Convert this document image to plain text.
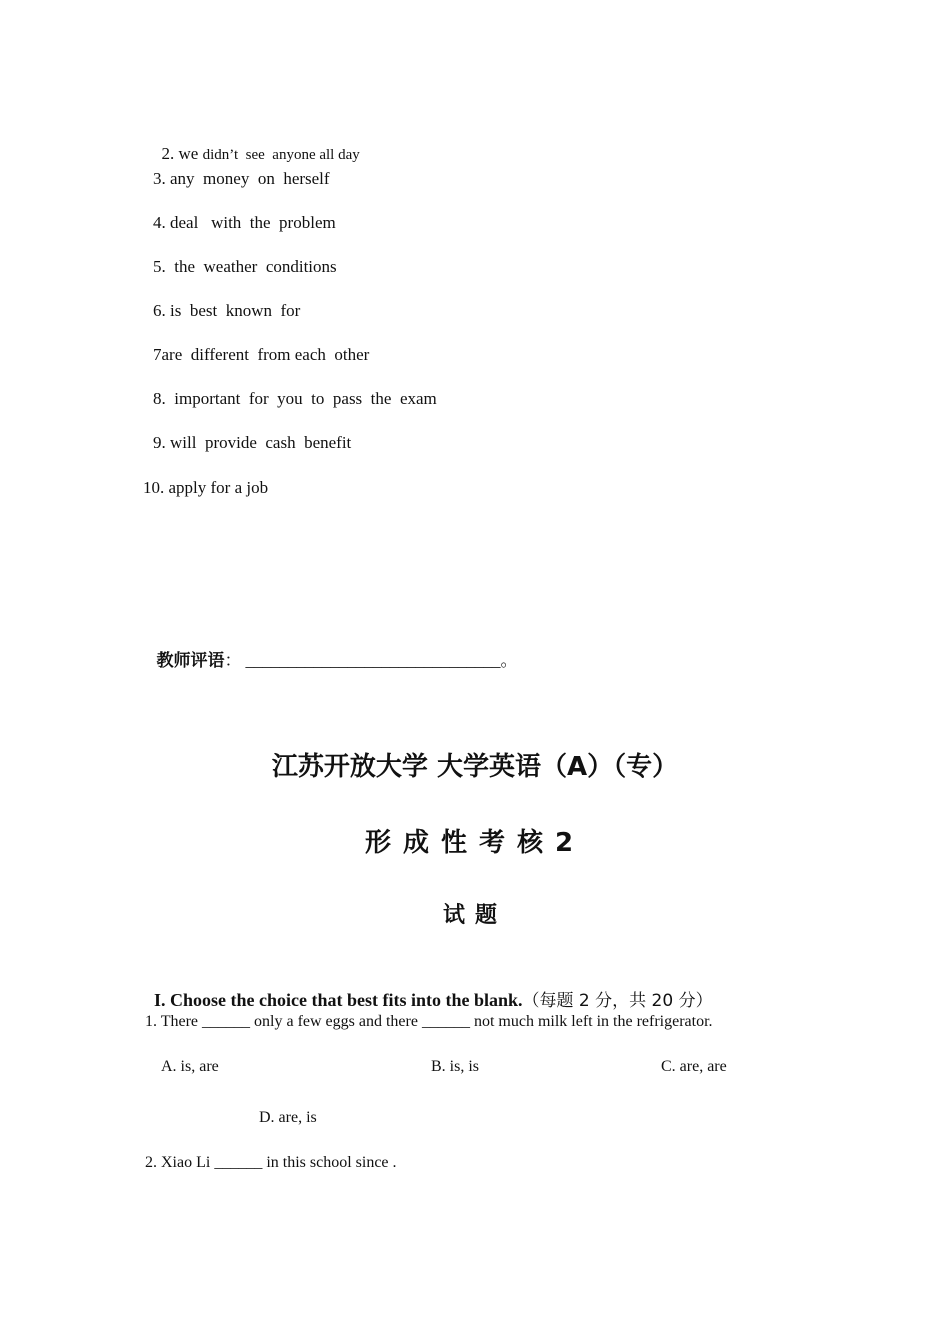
2. we didn’t  see  anyone all day

3. any  money  on  herself
4. deal   with  the  problem
5.  the  weather  conditions
6. is  best  known  for
7are  different  from each  other
8.  important  for  you  to  pass  the  exam
9. will  provide  cash  benefit
10. apply for a job

教师评语： ______________________________。

江苏开放大学 大学英语（A）（专）
形成性考核2
试题

I. Choose the choice that best fits into the blank.（每题 2 分，共 20 分）

1. There ______ only a few eggs and there ______ not much milk left in the refrigerator.
A. is, are	B. is, is	C. are, are
D. are, is
2. Xiao Li ______ in this school since .
